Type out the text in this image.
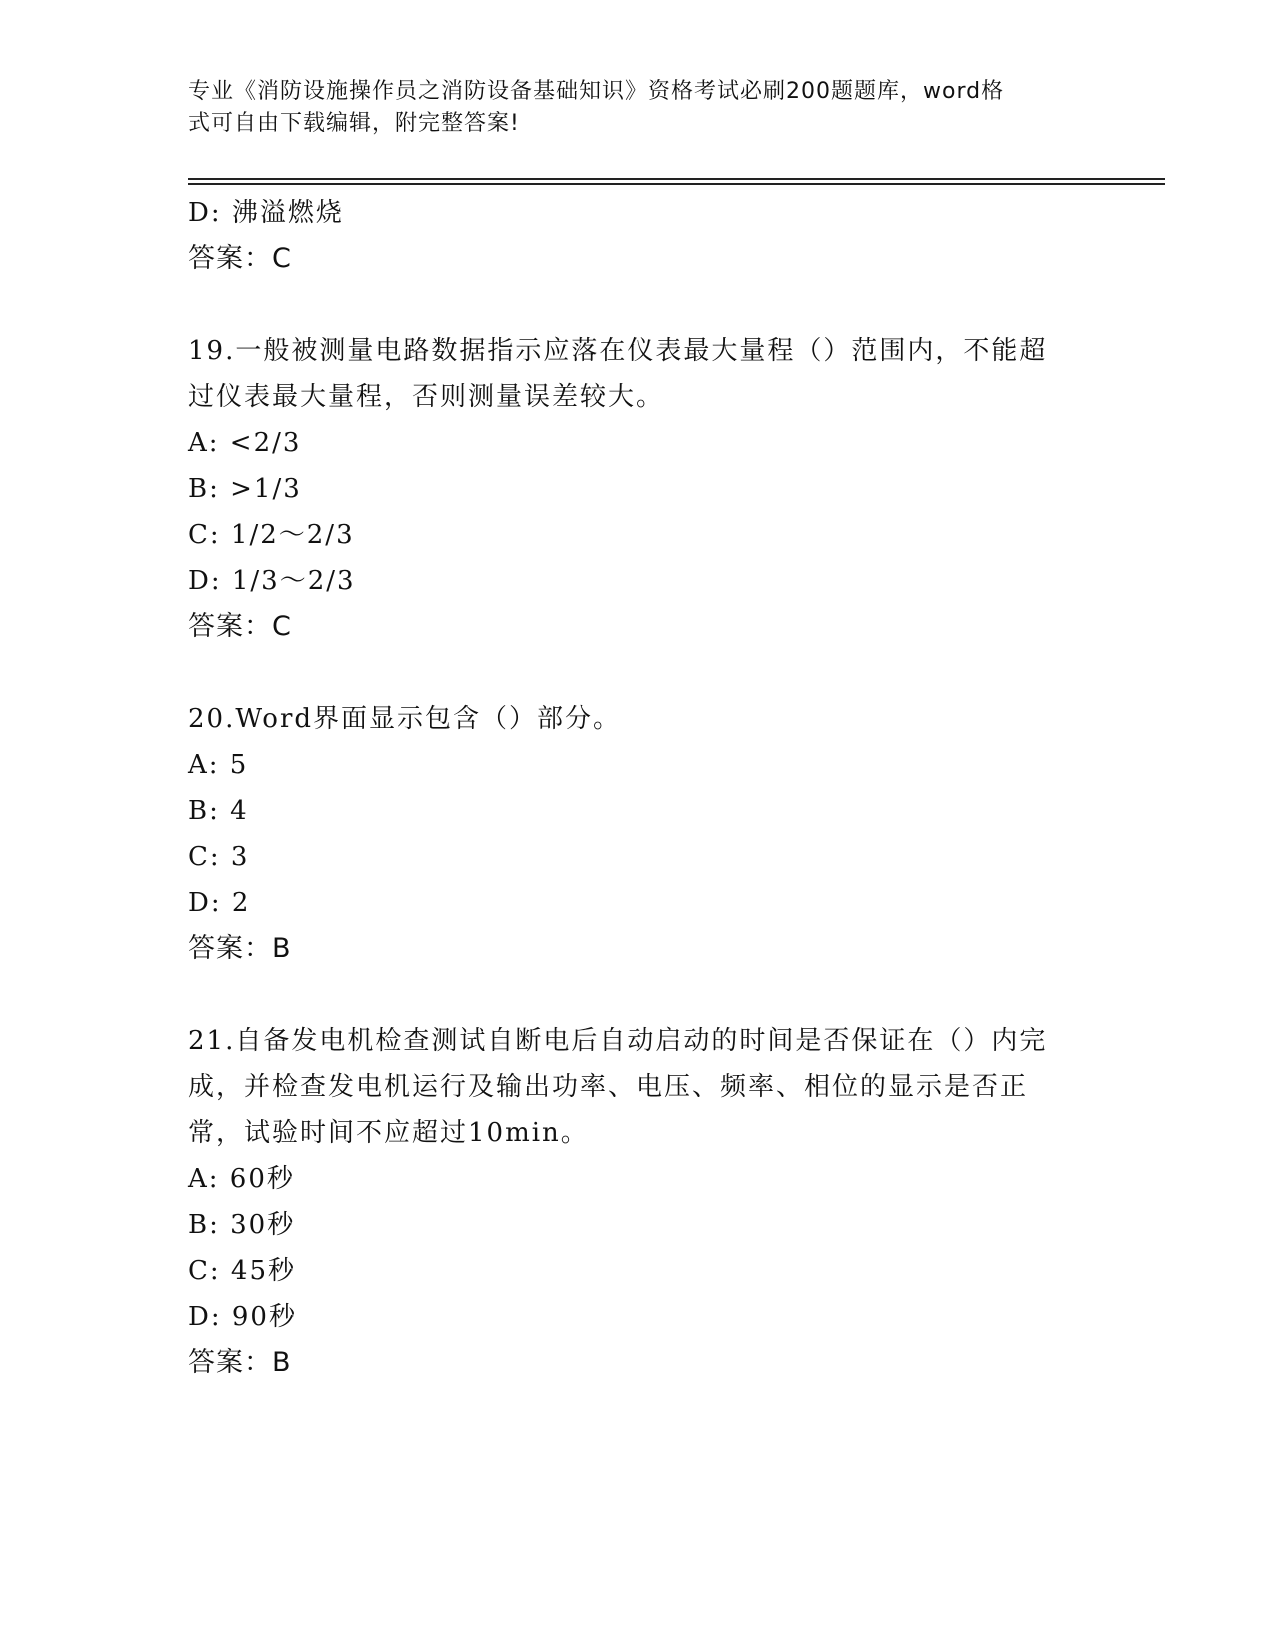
专业《消防设施操作员之消防设备基础知识》资格考试必刷200题题库，word格
式可自由下载编辑，附完整答案!
D: 沸溢燃烧
答案：C
19.一般被测量电路数据指示应落在仪表最大量程（）范围内，不能超
过仪表最大量程，否则测量误差较大。
A: <2/3
B: >1/3
C: 1/2～2/3
D: 1/3～2/3
答案：C
20.Word界面显示包含（）部分。
A: 5
B: 4
C: 3
D: 2
答案：B
21.自备发电机检查测试自断电后自动启动的时间是否保证在（）内完
成，并检查发电机运行及输出功率、电压、频率、相位的显示是否正
常，试验时间不应超过10min。
A: 60秒
B: 30秒
C: 45秒
D: 90秒
答案：B
